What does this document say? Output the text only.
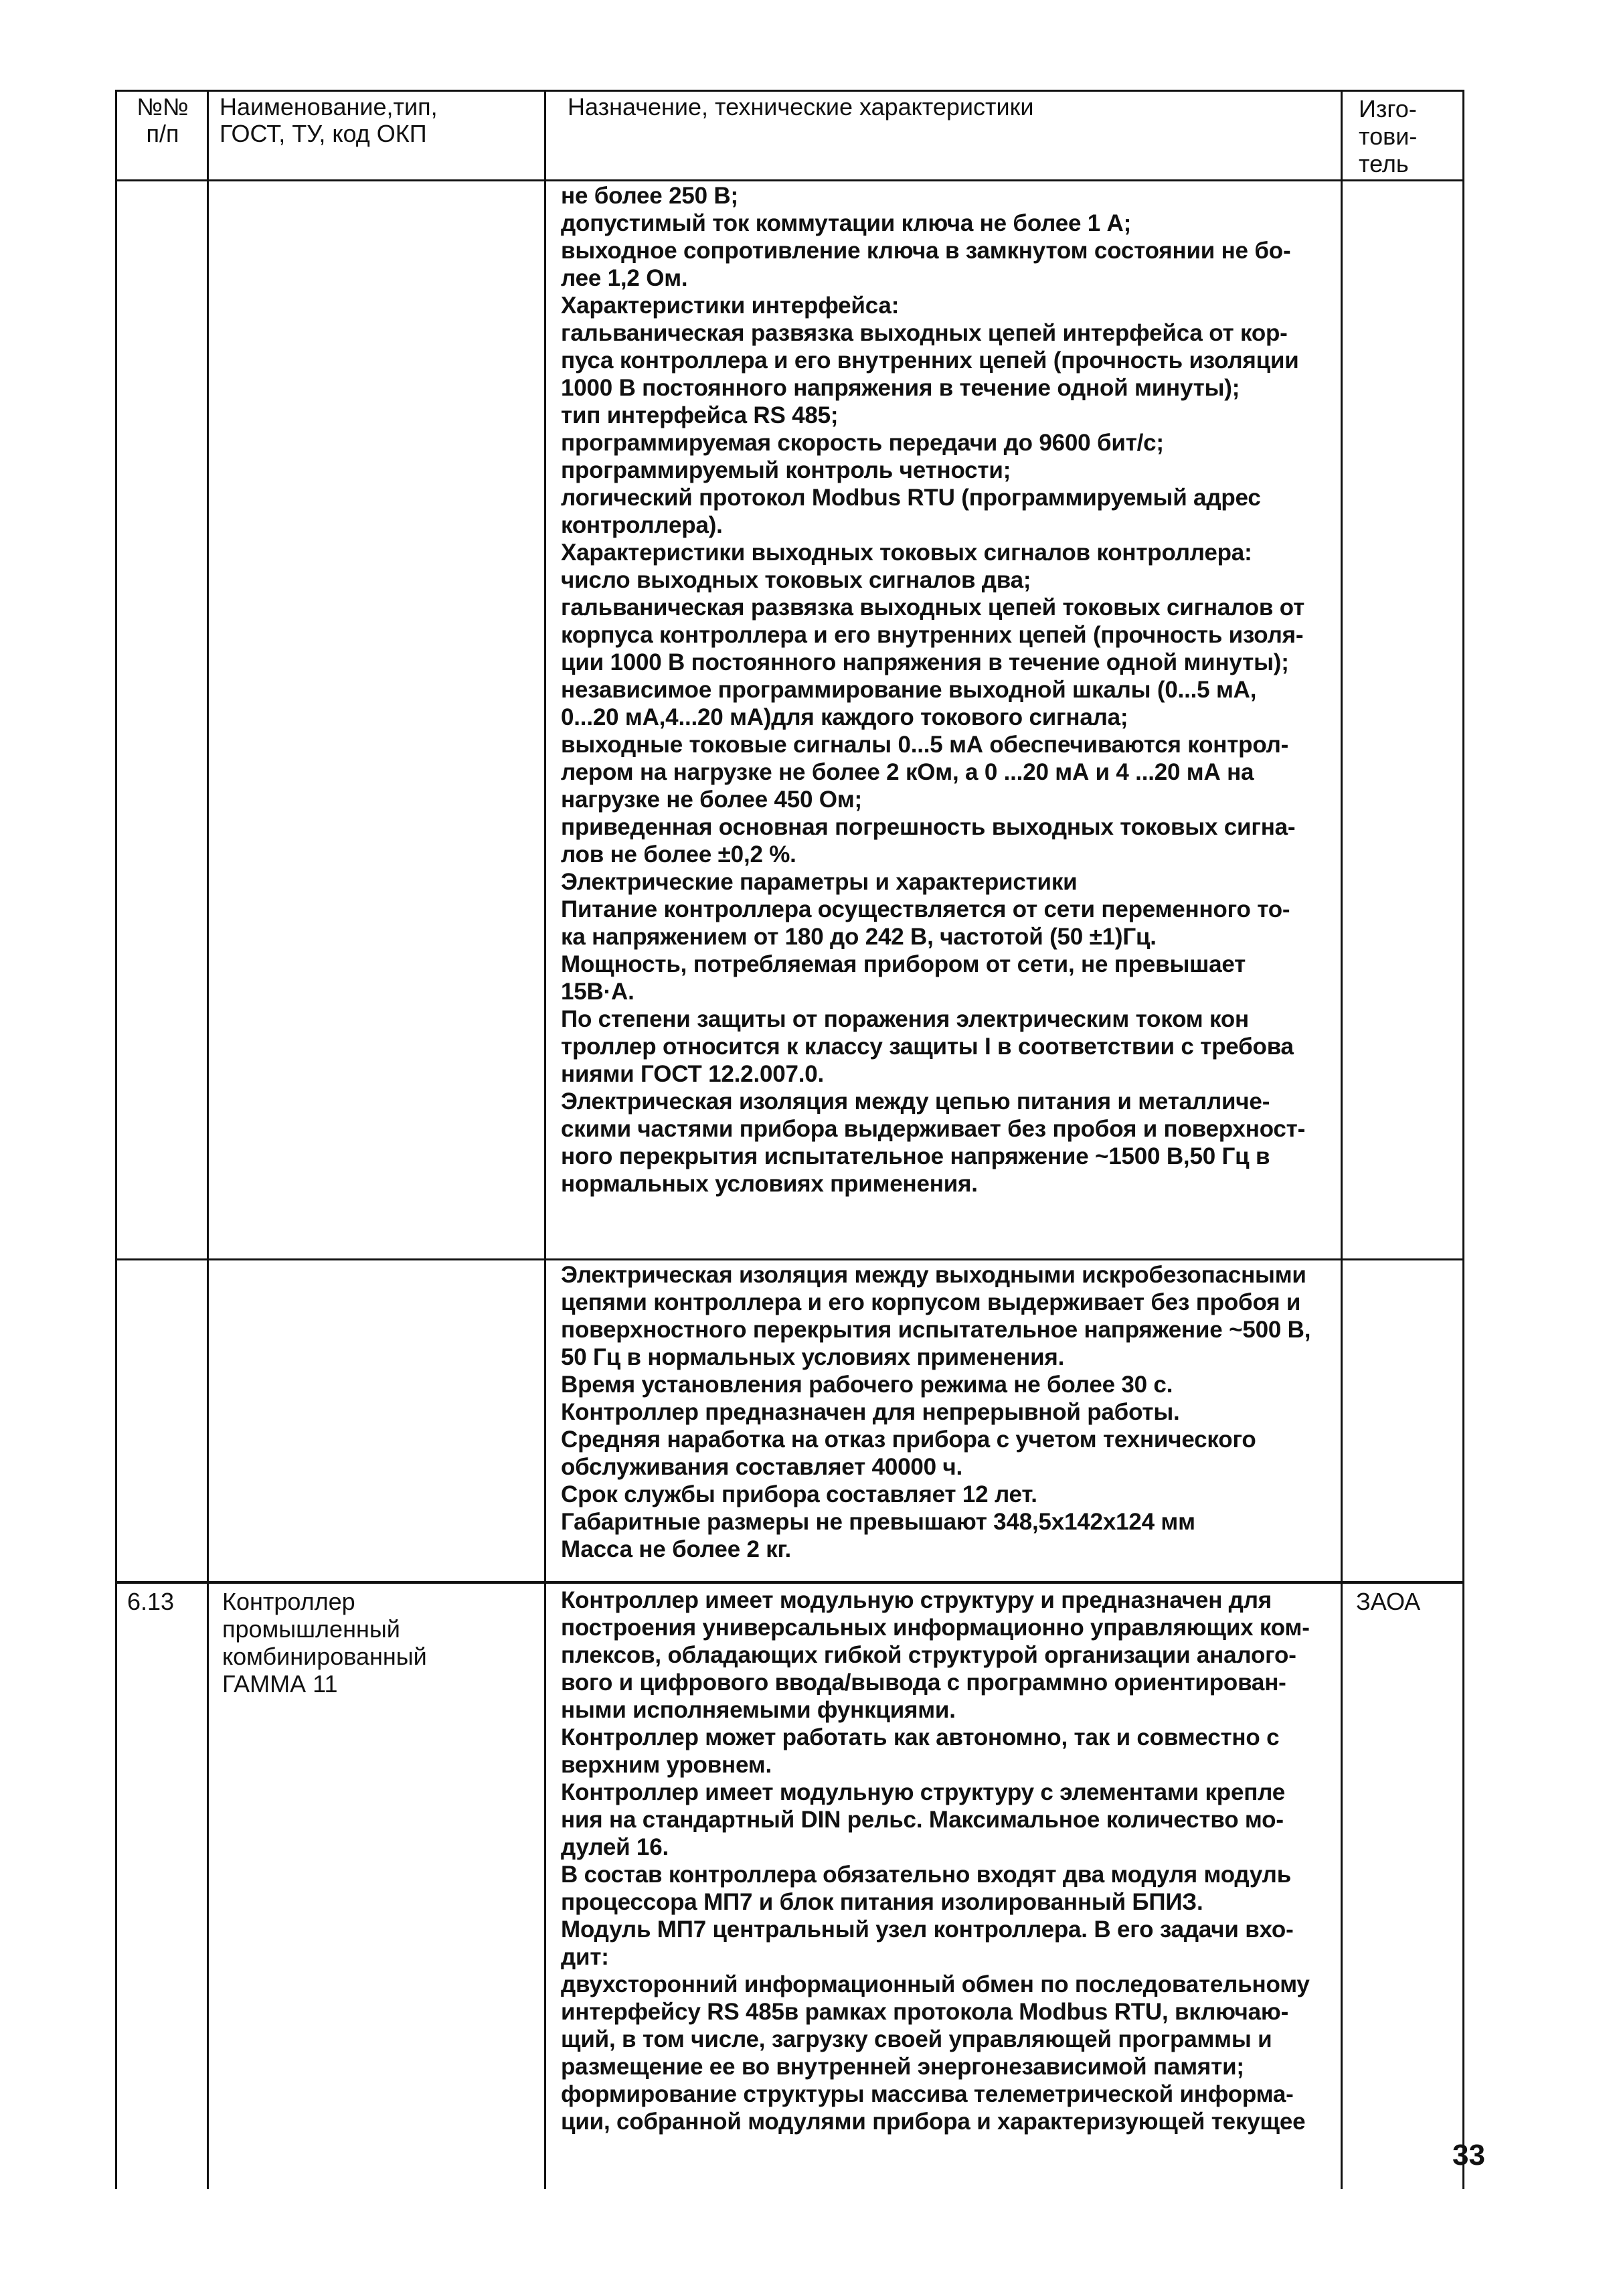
№№
п/п
Наименование,тип,
ГОСТ, ТУ, код ОКП
Назначение, технические характеристики	Изго-
тови-
тель
не более 250 В;
допустимый ток коммутации ключа не более 1 А;
выходное сопротивление ключа в замкнутом состоянии не бо-
лее 1,2 Ом.
Характеристики интерфейса:
гальваническая развязка выходных цепей интерфейса от кор-
пуса контроллера и его внутренних цепей (прочность изоляции
1000 В постоянного напряжения в течение одной минуты);
тип интерфейса RS 485;
программируемая скорость передачи до 9600 бит/с;
программируемый контроль четности;
логический протокол Modbus RTU (программируемый адрес
контроллера).
Характеристики выходных токовых сигналов контроллера:
число выходных токовых сигналов два;
гальваническая развязка выходных цепей токовых сигналов от
корпуса контроллера и его внутренних цепей (прочность изоля-
ции 1000 В постоянного напряжения в течение одной минуты);
независимое программирование выходной шкалы (0...5 мА,
0...20 мА,4...20 мА)для каждого токового сигнала;
выходные токовые сигналы 0...5 мА обеспечиваются контрол-
лером на нагрузке не более 2 кОм, а 0 ...20 мА и 4 ...20 мА на
нагрузке не более 450 Ом;
приведенная основная погрешность выходных токовых сигна-
лов не более ±0,2 %.
Электрические параметры и характеристики
Питание контроллера осуществляется от сети переменного то-
ка напряжением от 180 до 242 В, частотой (50 ±1)Гц.
Мощность, потребляемая прибором от сети, не превышает
15В·А.
По степени защиты от поражения электрическим током кон
троллер относится к классу защиты I в соответствии с требова
ниями ГОСТ 12.2.007.0.
Электрическая изоляция между цепью питания и металличе-
скими частями прибора выдерживает без пробоя и поверхност-
ного перекрытия испытательное напряжение ~1500 В,50 Гц в
нормальных условиях применения.
Электрическая изоляция между выходными искробезопасными
цепями контроллера и его корпусом выдерживает без пробоя и
поверхностного перекрытия испытательное напряжение ~500 В,
50 Гц в нормальных условиях применения.
Время установления рабочего режима не более 30 с.
Контроллер предназначен для непрерывной работы.
Средняя наработка на отказ прибора с учетом технического
обслуживания составляет 40000 ч.
Срок службы прибора составляет 12 лет.
Габаритные размеры не превышают 348,5х142х124 мм
Масса не более 2 кг.
6.13 Контроллер
промышленный
комбинированный
ГАММА 11
ЗАОА
Контроллер имеет модульную структуру и предназначен для
построения универсальных информационно управляющих ком-
плексов, обладающих гибкой структурой организации аналого-
вого и цифрового ввода/вывода с программно ориентирован-
ными исполняемыми функциями.
Контроллер может работать как автономно, так и совместно с
верхним уровнем.
Контроллер имеет модульную структуру с элементами крепле
ния на стандартный DIN рельс. Максимальное количество мо-
дулей 16.
В состав контроллера обязательно входят два модуля модуль
процессора МП7 и блок питания изолированный БПИЗ.
Модуль МП7 центральный узел контроллера. В его задачи вхо-
дит:
двухсторонний информационный обмен по последовательному
интерфейсу RS 485в рамках протокола Modbus RTU, включаю-
щий, в том числе, загрузку своей управляющей программы и
размещение ее во внутренней энергонезависимой памяти;
формирование структуры массива телеметрической информа-
ции, собранной модулями прибора и характеризующей текущее
33
